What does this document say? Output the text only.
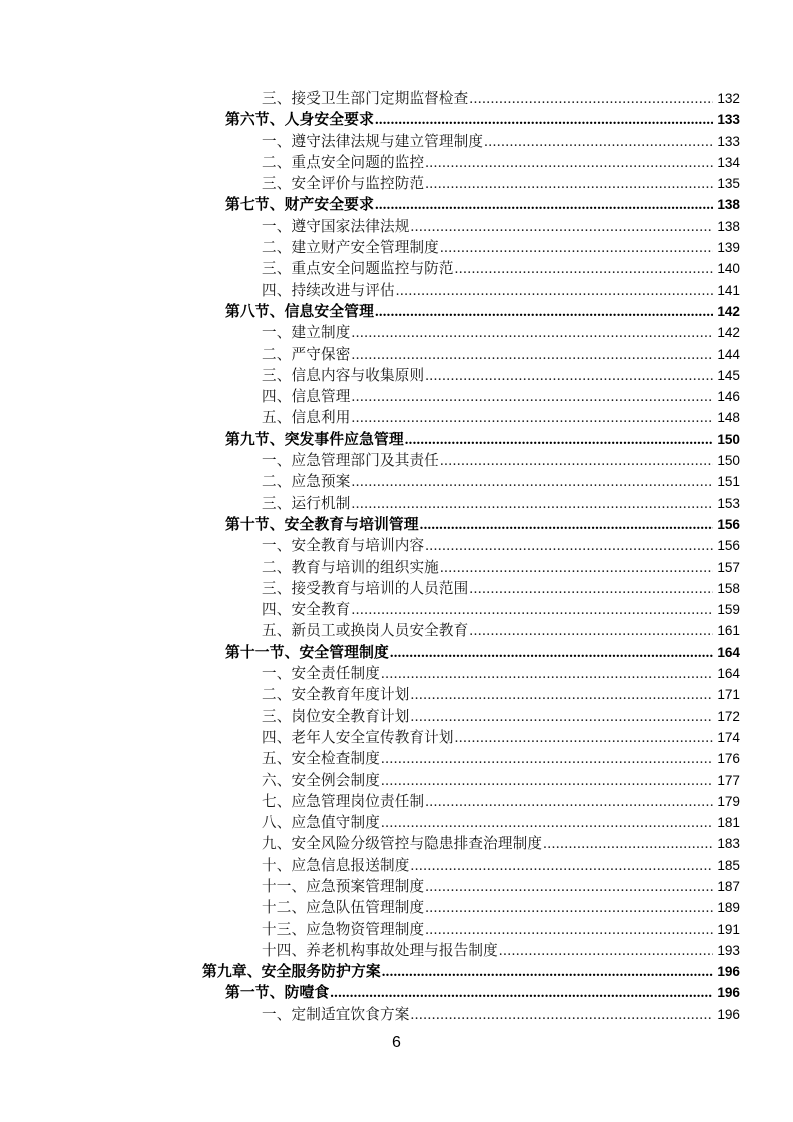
三、接受卫生部门定期监督检查 .....	132
第六节、人身安全要求 .....	133
一、遵守法律法规与建立管理制度 .....	133
二、重点安全问题的监控 .....	134
三、安全评价与监控防范 .....	135
第七节、财产安全要求 .....	138
一、遵守国家法律法规 .....	138
二、建立财产安全管理制度 .....	139
三、重点安全问题监控与防范 .....	140
四、持续改进与评估 .....	141
第八节、信息安全管理 .....	142
一、建立制度 .....	142
二、严守保密 .....	144
三、信息内容与收集原则 .....	145
四、信息管理 .....	146
五、信息利用 .....	148
第九节、突发事件应急管理 .....	150
一、应急管理部门及其责任 .....	150
二、应急预案 .....	151
三、运行机制 .....	153
第十节、安全教育与培训管理 .....	156
一、安全教育与培训内容 .....	156
二、教育与培训的组织实施 .....	157
三、接受教育与培训的人员范围 .....	158
四、安全教育 .....	159
五、新员工或换岗人员安全教育 .....	161
第十一节、安全管理制度 .....	164
一、安全责任制度 .....	164
二、安全教育年度计划 .....	171
三、岗位安全教育计划 .....	172
四、老年人安全宣传教育计划 .....	174
五、安全检查制度 .....	176
六、安全例会制度 .....	177
七、应急管理岗位责任制 .....	179
八、应急值守制度 .....	181
九、安全风险分级管控与隐患排查治理制度 .....	183
十、应急信息报送制度 .....	185
十一、应急预案管理制度 .....	187
十二、应急队伍管理制度 .....	189
十三、应急物资管理制度 .....	191
十四、养老机构事故处理与报告制度 .....	193
第九章、安全服务防护方案 .....	196
第一节、防噎食 .....	196
一、定制适宜饮食方案 .....	196
6
